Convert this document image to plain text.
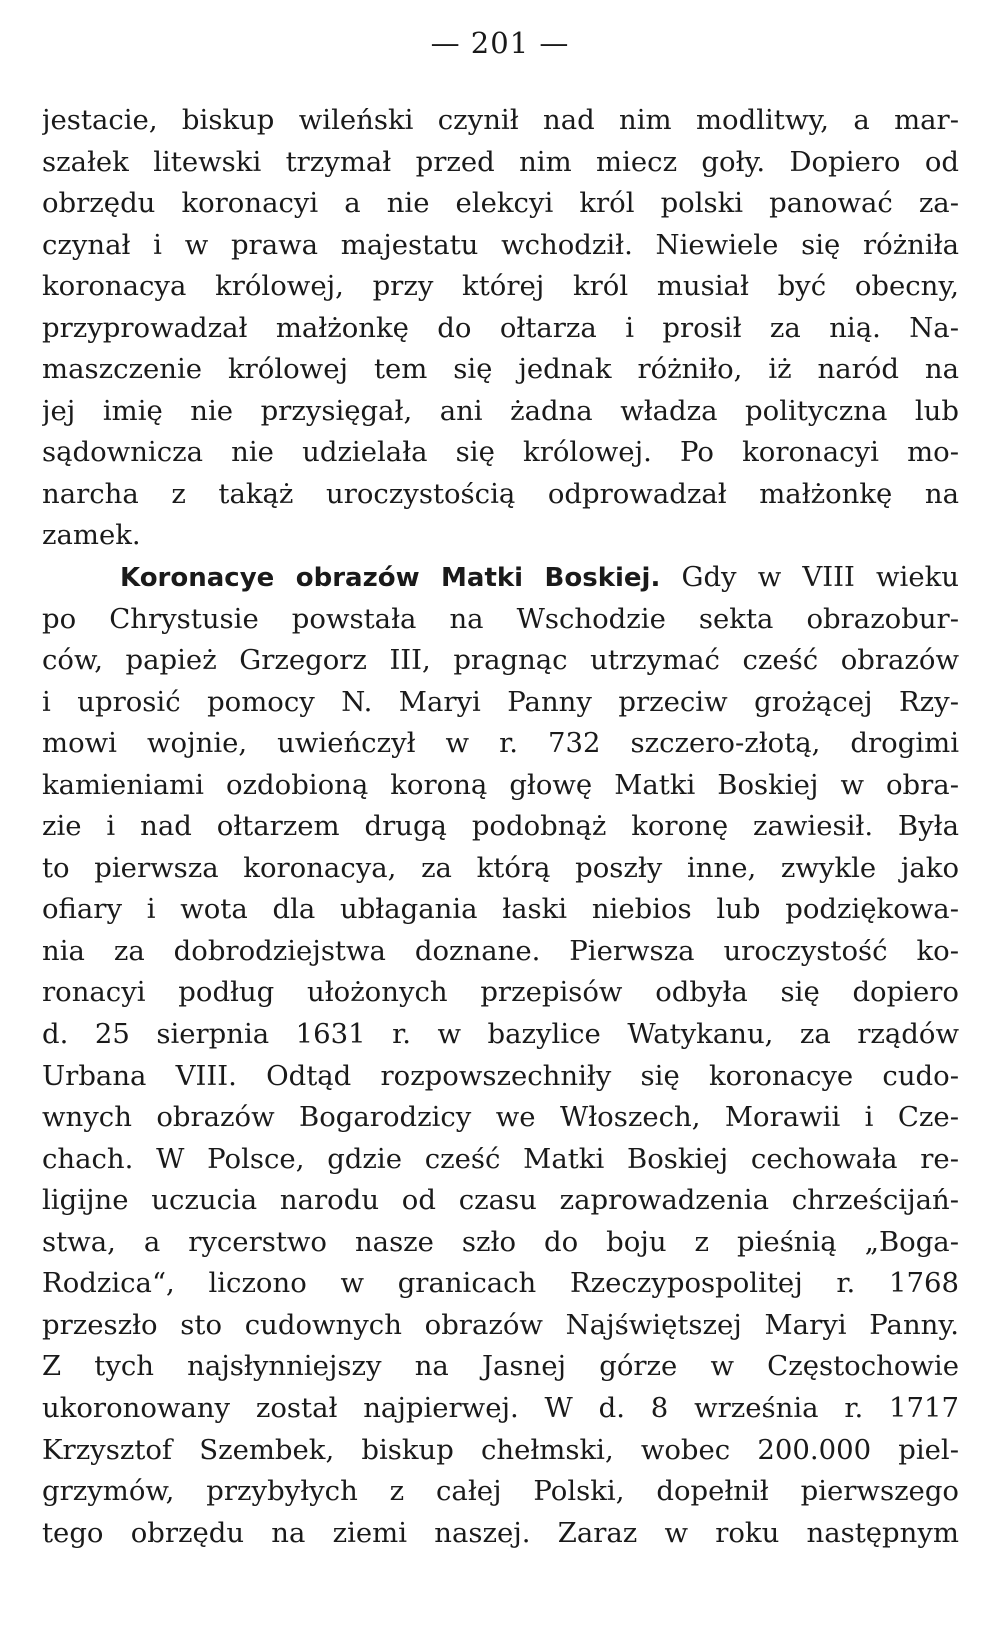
— 201 —
jestacie, biskup wileński czynił nad nim modlitwy, a mar-
szałek litewski trzymał przed nim miecz goły. Dopiero od
obrzędu koronacyi a nie elekcyi król polski panować za-
czynał i w prawa majestatu wchodził. Niewiele się różniła
koronacya królowej, przy której król musiał być obecny,
przyprowadzał małżonkę do ołtarza i prosił za nią. Na-
maszczenie królowej tem się jednak różniło, iż naród na
jej imię nie przysięgał, ani żadna władza polityczna lub
sądownicza nie udzielała się królowej. Po koronacyi mo-
narcha z takąż uroczystością odprowadzał małżonkę na
zamek.
Koronacye obrazów Matki Boskiej. Gdy w VIII wieku
po Chrystusie powstała na Wschodzie sekta obrazobur-
ców, papież Grzegorz III, pragnąc utrzymać cześć obrazów
i uprosić pomocy N. Maryi Panny przeciw grożącej Rzy-
mowi wojnie, uwieńczył w r. 732 szczero-złotą, drogimi
kamieniami ozdobioną koroną głowę Matki Boskiej w obra-
zie i nad ołtarzem drugą podobnąż koronę zawiesił. Była
to pierwsza koronacya, za którą poszły inne, zwykle jako
ofiary i wota dla ubłagania łaski niebios lub podziękowa-
nia za dobrodziejstwa doznane. Pierwsza uroczystość ko-
ronacyi podług ułożonych przepisów odbyła się dopiero
d. 25 sierpnia 1631 r. w bazylice Watykanu, za rządów
Urbana VIII. Odtąd rozpowszechniły się koronacye cudo-
wnych obrazów Bogarodzicy we Włoszech, Morawii i Cze-
chach. W Polsce, gdzie cześć Matki Boskiej cechowała re-
ligijne uczucia narodu od czasu zaprowadzenia chrześcijań-
stwa, a rycerstwo nasze szło do boju z pieśnią „Boga-
Rodzica“, liczono w granicach Rzeczypospolitej r. 1768
przeszło sto cudownych obrazów Najświętszej Maryi Panny.
Z tych najsłynniejszy na Jasnej górze w Częstochowie
ukoronowany został najpierwej. W d. 8 września r. 1717
Krzysztof Szembek, biskup chełmski, wobec 200.000 piel-
grzymów, przybyłych z całej Polski, dopełnił pierwszego
tego obrzędu na ziemi naszej. Zaraz w roku następnym
